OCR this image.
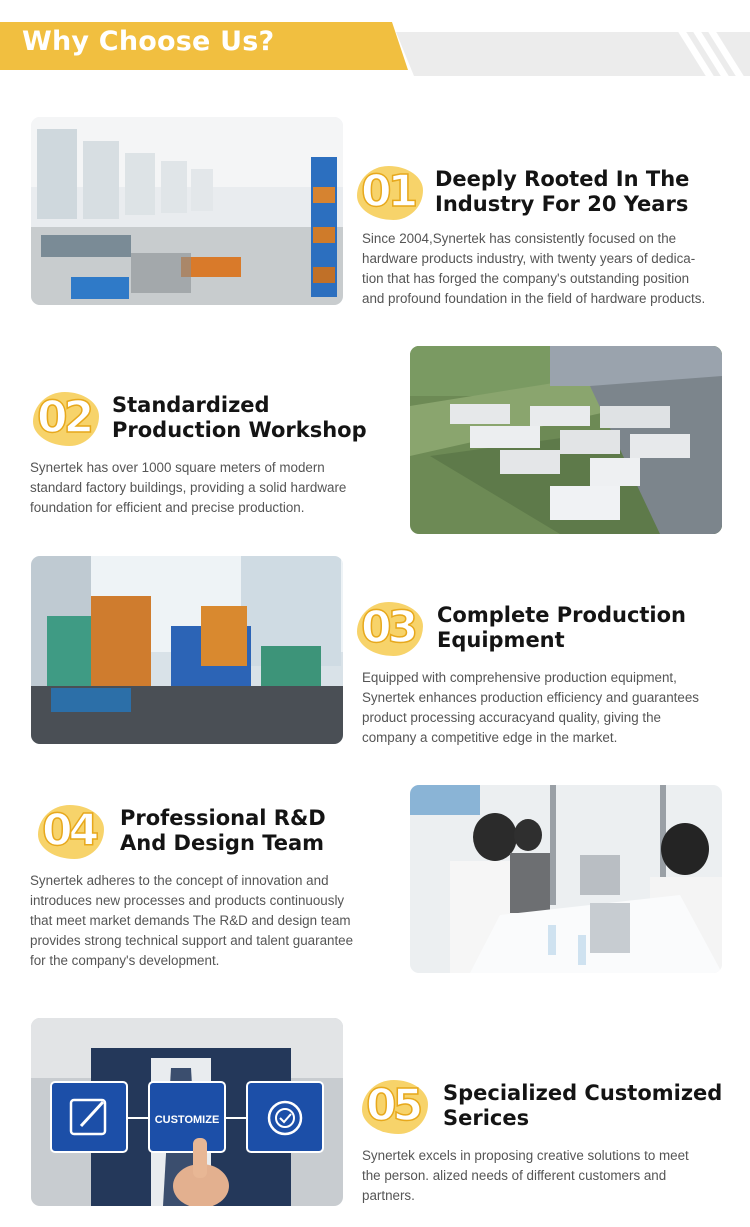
Why Choose Us?
01 Deeply Rooted In The
Industry For 20 Years
Since 2004,Synertek has consistently focused on the
hardware products industry, with twenty years of dedica-
tion that has forged the company's outstanding position
and profound foundation in the field of hardware products.
02 Standardized
Production Workshop
Synertek has over 1000 square meters of modern
standard factory buildings, providing a solid hardware
foundation for efficient and precise production.
03 Complete Production
Equipment
Equipped with comprehensive production equipment,
Synertek enhances production efficiency and guarantees
product processing accuracyand quality, giving the
company a competitive edge in the market.
04 Professional R&D
And Design Team
Synertek adheres to the concept of innovation and
introduces new processes and products continuously
that meet market demands The R&D and design team
provides strong technical support and talent guarantee
for the company's development.
CUSTOMIZE	05 Specialized Customized
Serices
Synertek excels in proposing creative solutions to meet
the person. alized needs of different customers and
partners.
